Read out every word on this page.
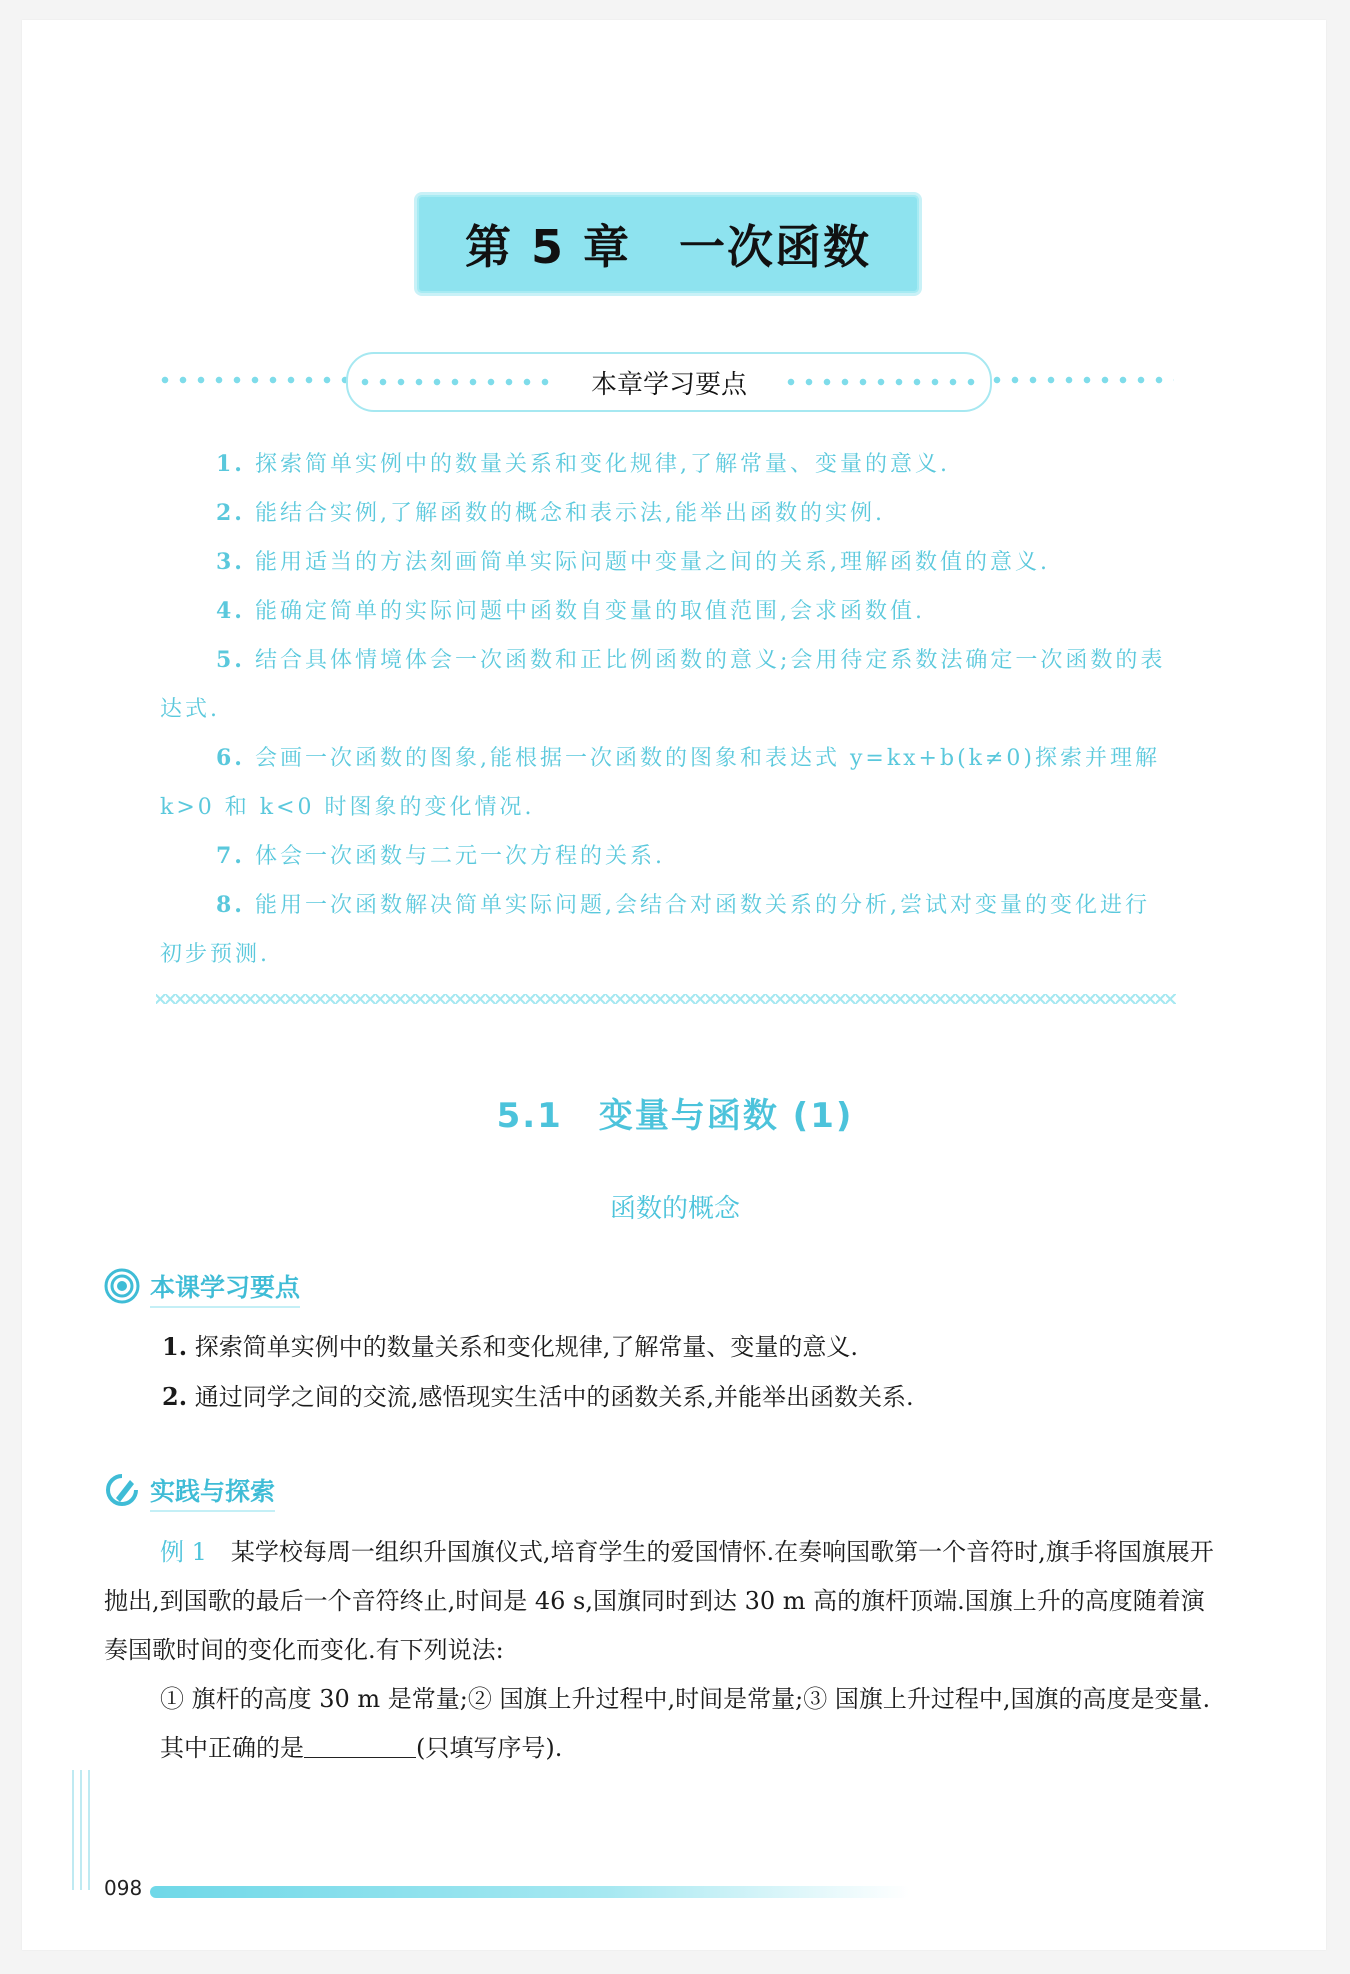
第 5 章　一次函数
本章学习要点
1. 探索简单实例中的数量关系和变化规律,了解常量、变量的意义.
2. 能结合实例,了解函数的概念和表示法,能举出函数的实例.
3. 能用适当的方法刻画简单实际问题中变量之间的关系,理解函数值的意义.
4. 能确定简单的实际问题中函数自变量的取值范围,会求函数值.
5. 结合具体情境体会一次函数和正比例函数的意义;会用待定系数法确定一次函数的表达式.
6. 会画一次函数的图象,能根据一次函数的图象和表达式 y=kx+b(k≠0)探索并理解 k>0 和 k<0 时图象的变化情况.
7. 体会一次函数与二元一次方程的关系.
8. 能用一次函数解决简单实际问题,会结合对函数关系的分析,尝试对变量的变化进行初步预测.
5.1　变量与函数 (1)
函数的概念
本课学习要点
1. 探索简单实例中的数量关系和变化规律,了解常量、变量的意义.
2. 通过同学之间的交流,感悟现实生活中的函数关系,并能举出函数关系.
实践与探索

例 1　 某学校每周一组织升国旗仪式,培育学生的爱国情怀.在奏响国歌第一个音符时,旗手将国旗展开抛出,到国歌的最后一个音符终止,时间是 46 s,国旗同时到达 30 m 高的旗杆顶端.国旗上升的高度随着演奏国歌时间的变化而变化.有下列说法:

① 旗杆的高度 30 m 是常量;② 国旗上升过程中,时间是常量;③ 国旗上升过程中,国旗的高度是变量.

其中正确的是	(只填写序号).

098
